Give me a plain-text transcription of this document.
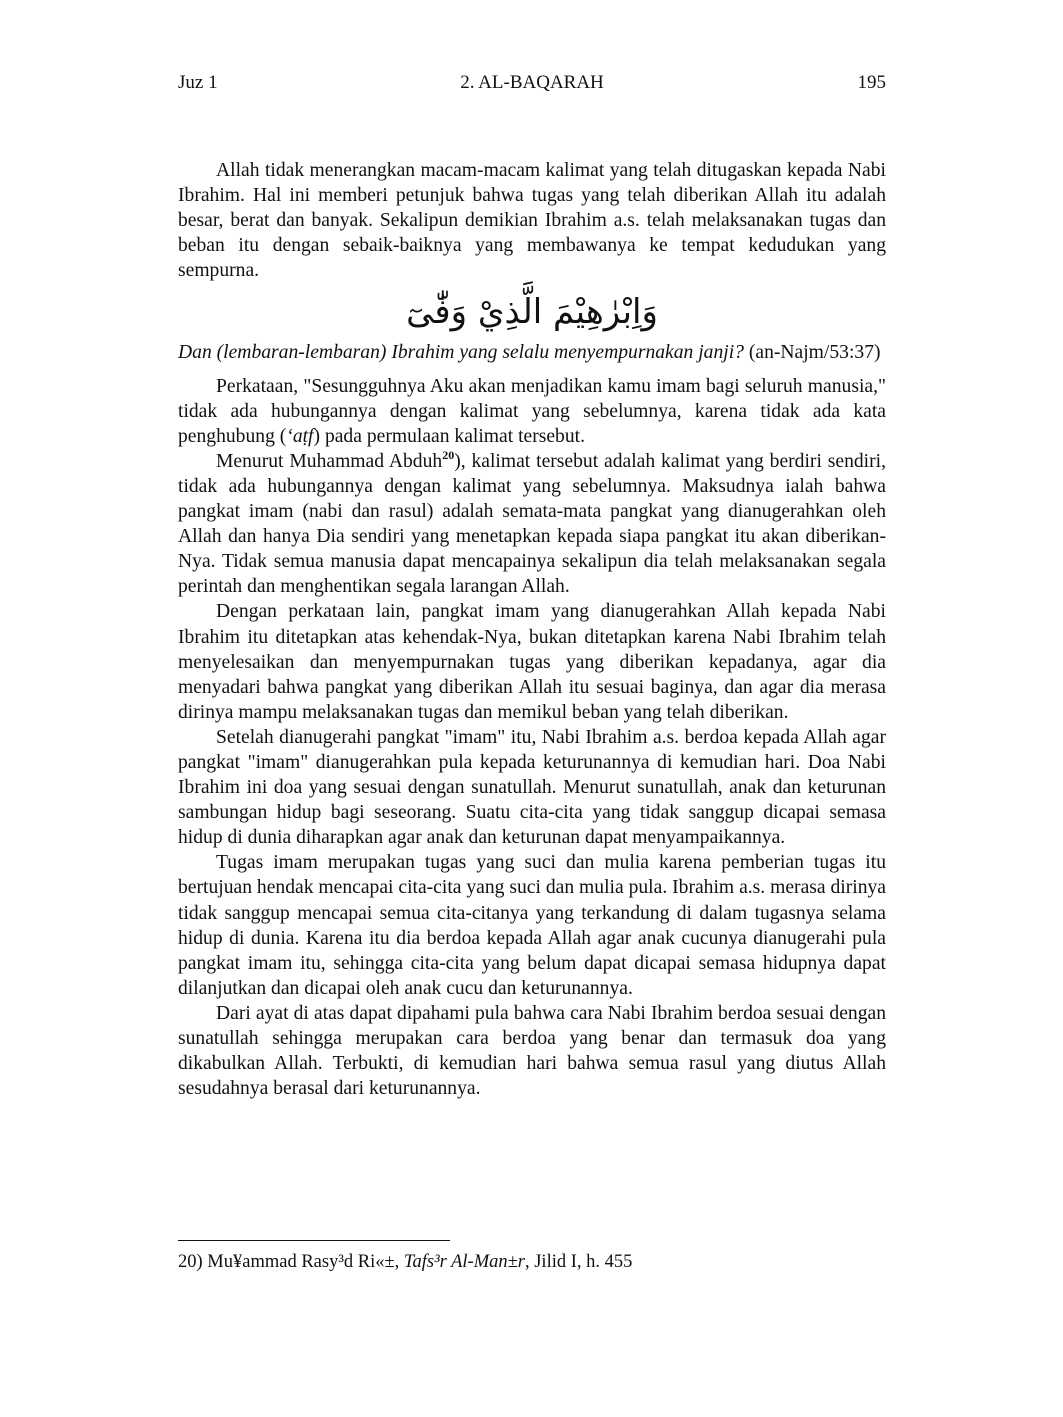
Juz 1	2. AL-BAQARAH	195

Allah tidak menerangkan macam-macam kalimat yang telah ditugaskan kepada Nabi Ibrahim. Hal ini memberi petunjuk bahwa tugas yang telah diberikan Allah itu adalah besar, berat dan banyak. Sekalipun demikian Ibrahim a.s. telah melaksanakan tugas dan beban itu dengan sebaik-baiknya yang membawanya ke tempat kedudukan yang sempurna.

وَاِبْرٰهِيْمَ الَّذِيْ وَفّٰىٓ

Dan (lembaran-lembaran) Ibrahim yang selalu menyempurnakan janji? (an-Najm/53:37)

Perkataan, "Sesungguhnya Aku akan menjadikan kamu imam bagi seluruh manusia," tidak ada hubungannya dengan kalimat yang sebelumnya, karena tidak ada kata penghubung (‘aṭf) pada permulaan kalimat tersebut.

Menurut Muhammad Abduh$^{20}$), kalimat tersebut adalah kalimat yang berdiri sendiri, tidak ada hubungannya dengan kalimat yang sebelumnya. Maksudnya ialah bahwa pangkat imam (nabi dan rasul) adalah semata-mata pangkat yang dianugerahkan oleh Allah dan hanya Dia sendiri yang menetapkan kepada siapa pangkat itu akan diberikan-Nya. Tidak semua manusia dapat mencapainya sekalipun dia telah melaksanakan segala perintah dan menghentikan segala larangan Allah.

Dengan perkataan lain, pangkat imam yang dianugerahkan Allah kepada Nabi Ibrahim itu ditetapkan atas kehendak-Nya, bukan ditetapkan karena Nabi Ibrahim telah menyelesaikan dan menyempurnakan tugas yang diberikan kepadanya, agar dia menyadari bahwa pangkat yang diberikan Allah itu sesuai baginya, dan agar dia merasa dirinya mampu melaksanakan tugas dan memikul beban yang telah diberikan.

Setelah dianugerahi pangkat "imam" itu, Nabi Ibrahim a.s. berdoa kepada Allah agar pangkat "imam" dianugerahkan pula kepada keturunannya di kemudian hari. Doa Nabi Ibrahim ini doa yang sesuai dengan sunatullah. Menurut sunatullah, anak dan keturunan sambungan hidup bagi seseorang. Suatu cita-cita yang tidak sanggup dicapai semasa hidup di dunia diharapkan agar anak dan keturunan dapat menyampaikannya.

Tugas imam merupakan tugas yang suci dan mulia karena pemberian tugas itu bertujuan hendak mencapai cita-cita yang suci dan mulia pula. Ibrahim a.s. merasa dirinya tidak sanggup mencapai semua cita-citanya yang terkandung di dalam tugasnya selama hidup di dunia. Karena itu dia berdoa kepada Allah agar anak cucunya dianugerahi pula pangkat imam itu, sehingga cita-cita yang belum dapat dicapai semasa hidupnya dapat dilanjutkan dan dicapai oleh anak cucu dan keturunannya.

Dari ayat di atas dapat dipahami pula bahwa cara Nabi Ibrahim berdoa sesuai dengan sunatullah sehingga merupakan cara berdoa yang benar dan termasuk doa yang dikabulkan Allah. Terbukti, di kemudian hari bahwa semua rasul yang diutus Allah sesudahnya berasal dari keturunannya.

20) Mu¥ammad Rasy³d Ri«±, Tafs³r Al-Man±r, Jilid I, h. 455
